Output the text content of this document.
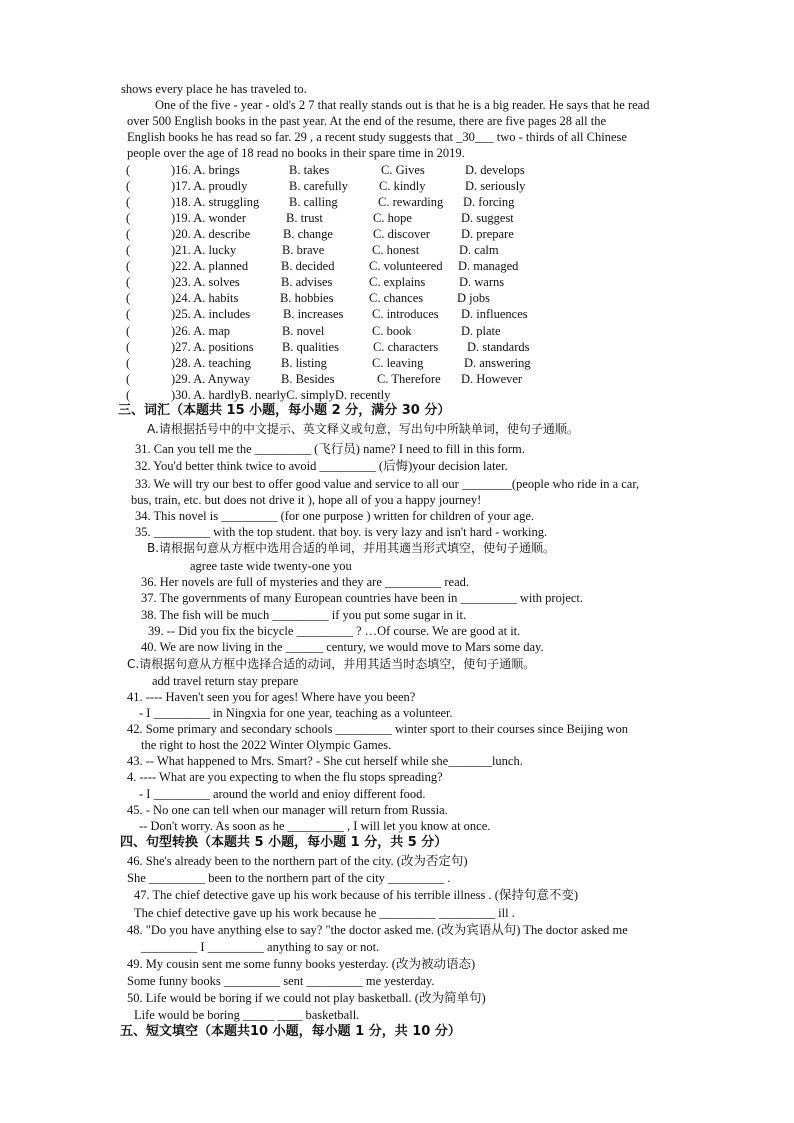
shows every place he has traveled to.
One of the five - year - old's 2 7 that really stands out is that he is a big reader. He says that he read
over 500 English books in the past year. At the end of the resume, there are five pages 28 all the
English books he has read so far. 29 , a recent study suggests that _30___ two - thirds of all Chinese
people over the age of 18 read no books in their spare time in 2019.
(	)16. A. brings	B. takes	C. Gives	D. develops
(	)17. A. proudly	B. carefully C. kindly	D. seriously
(	)18. A. struggling B. calling	C. rewarding D. forcing
(	)19. A. wonder	B. trust	C. hope	D. suggest
(	)20. A. describe	B. change	C. discover D. prepare
(	)21. A. lucky	B. brave	C. honest	D. calm
(	)22. A. planned	B. decided	C. volunteered D. managed
(	)23. A. solves	B. advises	C. explains	D. warns
(	)24. A. habits	B. hobbies	C. chances	D jobs
(	)25. A. includes	B. increases C. introduces D. influences
(	)26. A. map	B. novel	C. book	D. plate
(	)27. A. positions B. qualities	C. characters D. standards
(	)28. A. teaching B. listing	C. leaving	D. answering
(	)29. A. Anyway B. Besides	C. Therefore D. However
(	)30. A. hardlyB. nearlyC. simplyD. recently
三、词汇（本题共 15 小题，每小题 2 分，满分 30 分）
A.请根据括号中的中文提示、英文释义或句意，写出句中所缺单词，使句子通顺。
31. Can you tell me the _________ (飞行员) name? I need to fill in this form.
32. You'd better think twice to avoid _________ (后悔)your decision later.
33. We will try our best to offer good value and service to all our ________(people who ride in a car,
bus, train, etc. but does not drive it ), hope all of you a happy journey!
34. This novel is _________ (for one purpose ) written for children of your age.
35. _________ with the top student. that boy. is very lazy and isn't hard - working.
B.请根据句意从方框中选用合适的单词，并用其適当形式填空，使句子通顺。
agree taste wide twenty-one you
36. Her novels are full of mysteries and they are _________ read.
37. The governments of many European countries have been in _________ with project.
38. The fish will be much _________ if you put some sugar in it.
39. -- Did you fix the bicycle _________ ? …Of course. We are good at it.
40. We are now living in the ______ century, we would move to Mars some day.
C.请根据句意从方框中选择合适的动词，并用其适当时态填空，使句子通顺。
add travel return stay prepare
41. ---- Haven't seen you for ages! Where have you been?
- I _________ in Ningxia for one year, teaching as a volunteer.
42. Some primary and secondary schools _________ winter sport to their courses since Beijing won
the right to host the 2022 Winter Olympic Games.
43. -- What happened to Mrs. Smart? - She cut herself while she_______lunch.
4. ---- What are you expecting to when the flu stops spreading?
- I _________ around the world and enioy different food.
45. - No one can tell when our manager will return from Russia.
-- Don't worry. As soon as he _________ , I will let you know at once.
四、句型转换（本题共 5 小题，每小题 1 分，共 5 分）
46. She's already been to the northern part of the city. (改为否定句)
She _________ been to the northern part of the city _________ .
47. The chief detective gave up his work because of his terrible illness . (保持句意不变)
The chief detective gave up his work because he _________ _________ ill .
48. "Do you have anything else to say? "the doctor asked me. (改为宾语从句) The doctor asked me
_________ I _________ anything to say or not.
49. My cousin sent me some funny books yesterday. (改为被动语态)
Some funny books _________ sent _________ me yesterday.
50. Life would be boring if we could not play basketball. (改为简单句)
Life would be boring _____ ____ basketball.
五、短文填空（本题共10 小题，每小题 1 分，共 10 分）
